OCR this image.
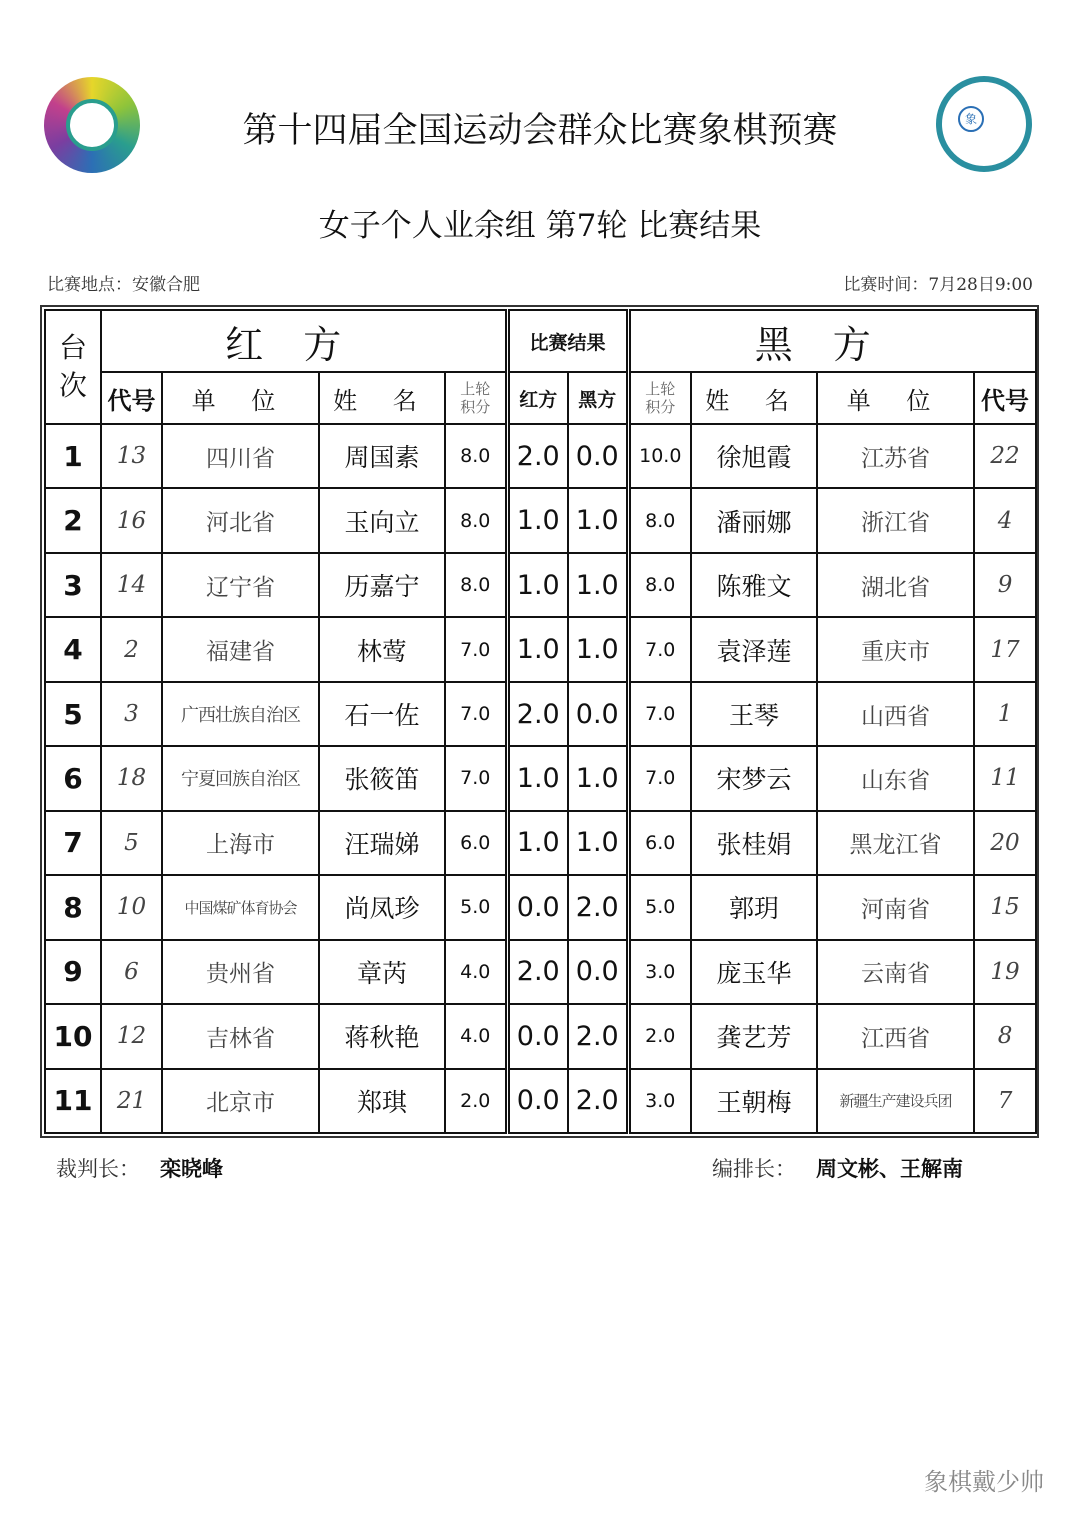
象
第十四届全国运动会群众比赛象棋预赛
女子个人业余组 第7轮 比赛结果
比赛地点：安徽合肥	比赛时间：7月28日9:00
台次	红方				比赛结果		黑方			
	代号	单 位	姓 名	上轮积分	红方	黑方	上轮积分	姓 名	单 位	代号
1	13	四川省	周国素	8.0	2.0	0.0	10.0	徐旭霞	江苏省	22
2	16	河北省	玉向立	8.0	1.0	1.0	8.0	潘丽娜	浙江省	4
3	14	辽宁省	历嘉宁	8.0	1.0	1.0	8.0	陈雅文	湖北省	9
4	2	福建省	林莺	7.0	1.0	1.0	7.0	袁泽莲	重庆市	17
5	3	广西壮族自治区	石一佐	7.0	2.0	0.0	7.0	王琴	山西省	1
6	18	宁夏回族自治区	张筱笛	7.0	1.0	1.0	7.0	宋梦云	山东省	11
7	5	上海市	汪瑞娣	6.0	1.0	1.0	6.0	张桂娟	黑龙江省	20
8	10	中国煤矿体育协会	尚凤珍	5.0	0.0	2.0	5.0	郭玥	河南省	15
9	6	贵州省	章芮	4.0	2.0	0.0	3.0	庞玉华	云南省	19
10	12	吉林省	蒋秋艳	4.0	0.0	2.0	2.0	龚艺芳	江西省	8
11	21	北京市	郑琪	2.0	0.0	2.0	3.0	王朝梅	新疆生产建设兵团	7
裁判长： 栾晓峰	编排长： 周文彬、王解南
象棋戴少帅
